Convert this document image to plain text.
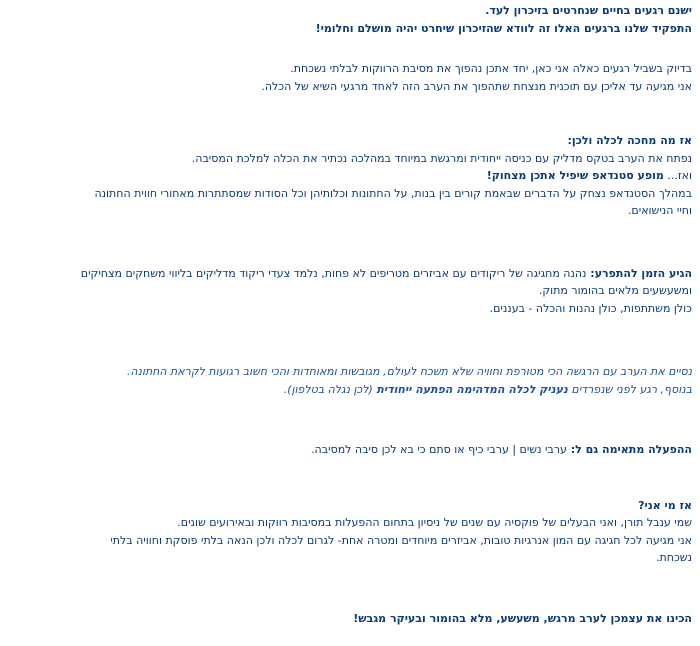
ישנם רגעים בחיים שנחרטים בזיכרון לעד.
התפקיד שלנו ברגעים האלו זה לוודא שהזיכרון שיחרט יהיה מושלם וחלומי!
בדיוק בשביל רגעים כאלה אני כאן, יחד אתכן נהפוך את מסיבת הרווקות לבלתי נשכחת.
אני מגיעה עד אליכן עם תוכנית מנצחת שתהפוך את הערב הזה לאחד מרגעי השיא של הכלה.
אז מה מחכה לכלה ולכן:
נפתח את הערב בטקס מדליק עם כניסה ייחודית ומרגשת במיוחד במהלכה נכתיר את הכלה למלכת המסיבה.
ואז... מופע סטנדאפ שיפיל אתכן מצחוק!
במהלך הסטנדאפ נצחק על הדברים שבאמת קורים בין בנות, על החתונות וכלותיהן וכל הסודות שמסתתרות מאחורי חווית החתונה
וחיי הנישואים.
הגיע הזמן להתפרע: נהנה מחגיגה של ריקודים עם אביזרים מטריפים לא פחות, נלמד צעדי ריקוד מדליקים בליווי משחקים מצחיקים
ומשעשעים מלאים בהומור מתוק.
כולן משתתפות, כולן נהנות והכלה - בעננים.
נסיים את הערב עם הרגשה הכי מטורפת וחוויה שלא תשכח לעולם, מגובשות ומאוחדות והכי חשוב רגועות לקראת החתונה.
בנוסף, רגע לפני שנפרדים נעניק לכלה המדהימה הפתעה ייחודית (לכן נגלה בטלפון).
ההפעלה מתאימה גם ל: ערבי נשים | ערבי כיף או סתם כי בא לכן סיבה למסיבה.
אז מי אני?
שמי ענבל תורן, ואני הבעלים של פוקסיה עם שנים של ניסיון בתחום ההפעלות במסיבות רווקות ובאירועים שונים.
אני מגיעה לכל חגיגה עם המון אנרגיות טובות, אביזרים מיוחדים ומטרה אחת- לגרום לכלה ולכן הנאה בלתי פוסקת וחוויה בלתי
נשכחת.
הכינו את עצמכן לערב מרגש, משעשע, מלא בהומור ובעיקר מגבש!
